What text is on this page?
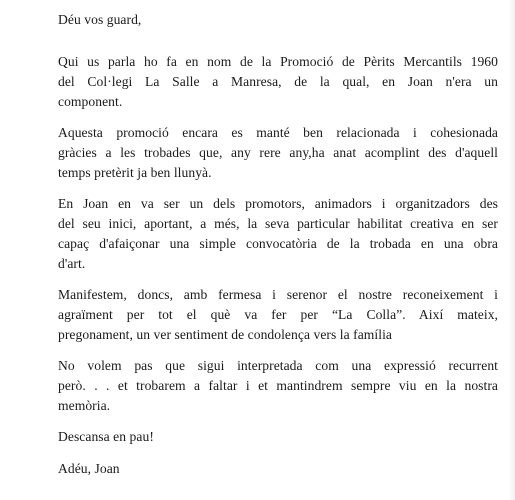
Déu vos guard,

Qui us parla ho fa en nom de la Promoció de Pèrits Mercantils 1960

del Col·legi La Salle a Manresa, de la qual, en Joan n'era un

component.

Aquesta promoció encara es manté ben relacionada i cohesionada

gràcies a les trobades que, any rere any,ha anat acomplint des d'aquell

temps pretèrit ja ben llunyà.

En Joan en va ser un dels promotors, animadors i organitzadors des

del seu inici, aportant, a més, la seva particular habilitat creativa en ser

capaç d'afaiçonar una simple convocatòria de la trobada en una obra

d'art.

Manifestem, doncs, amb fermesa i serenor el nostre reconeixement i

agraïment per tot el què va fer per “La Colla”. Així mateix,

pregonament, un ver sentiment de condolença vers la família

No volem pas que sigui interpretada com una expressió recurrent

però. . . et trobarem a faltar i et mantindrem sempre viu en la nostra

memòria.

Descansa en pau!

Adéu, Joan
